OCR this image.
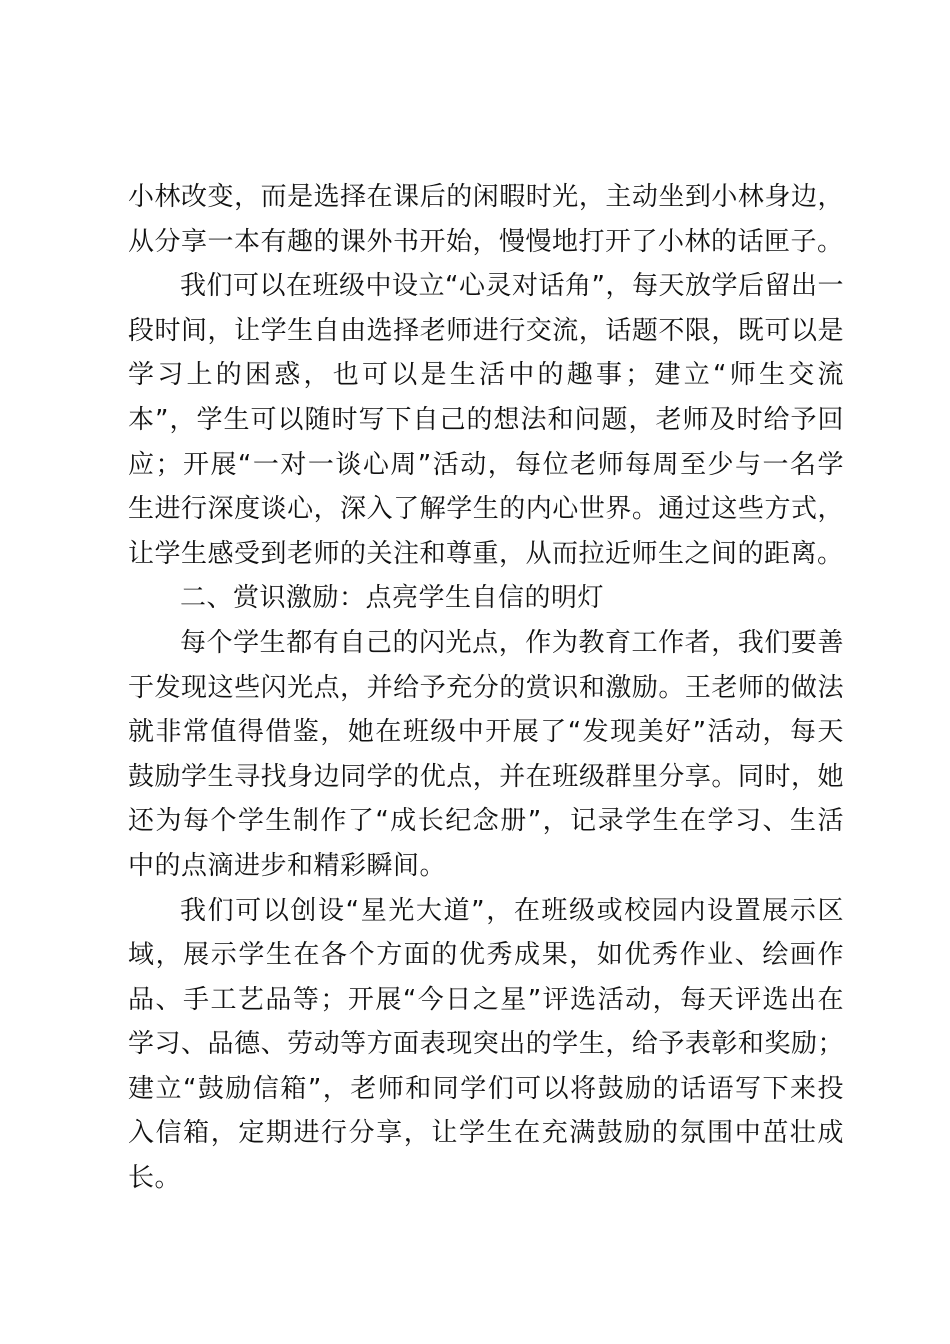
小林改变，而是选择在课后的闲暇时光，主动坐到小林身边，从分享一本有趣的课外书开始，慢慢地打开了小林的话匣子。

我们可以在班级中设立“心灵对话角”，每天放学后留出一段时间，让学生自由选择老师进行交流，话题不限，既可以是学习上的困惑，也可以是生活中的趣事；建立“师生交流本”，学生可以随时写下自己的想法和问题，老师及时给予回应；开展“一对一谈心周”活动，每位老师每周至少与一名学生进行深度谈心，深入了解学生的内心世界。通过这些方式，让学生感受到老师的关注和尊重，从而拉近师生之间的距离。

二、赏识激励：点亮学生自信的明灯

每个学生都有自己的闪光点，作为教育工作者，我们要善于发现这些闪光点，并给予充分的赏识和激励。王老师的做法就非常值得借鉴，她在班级中开展了“发现美好”活动，每天鼓励学生寻找身边同学的优点，并在班级群里分享。同时，她还为每个学生制作了“成长纪念册”，记录学生在学习、生活中的点滴进步和精彩瞬间。

我们可以创设“星光大道”，在班级或校园内设置展示区域，展示学生在各个方面的优秀成果，如优秀作业、绘画作品、手工艺品等；开展“今日之星”评选活动，每天评选出在学习、品德、劳动等方面表现突出的学生，给予表彰和奖励；建立“鼓励信箱”，老师和同学们可以将鼓励的话语写下来投入信箱，定期进行分享，让学生在充满鼓励的氛围中茁壮成长。
